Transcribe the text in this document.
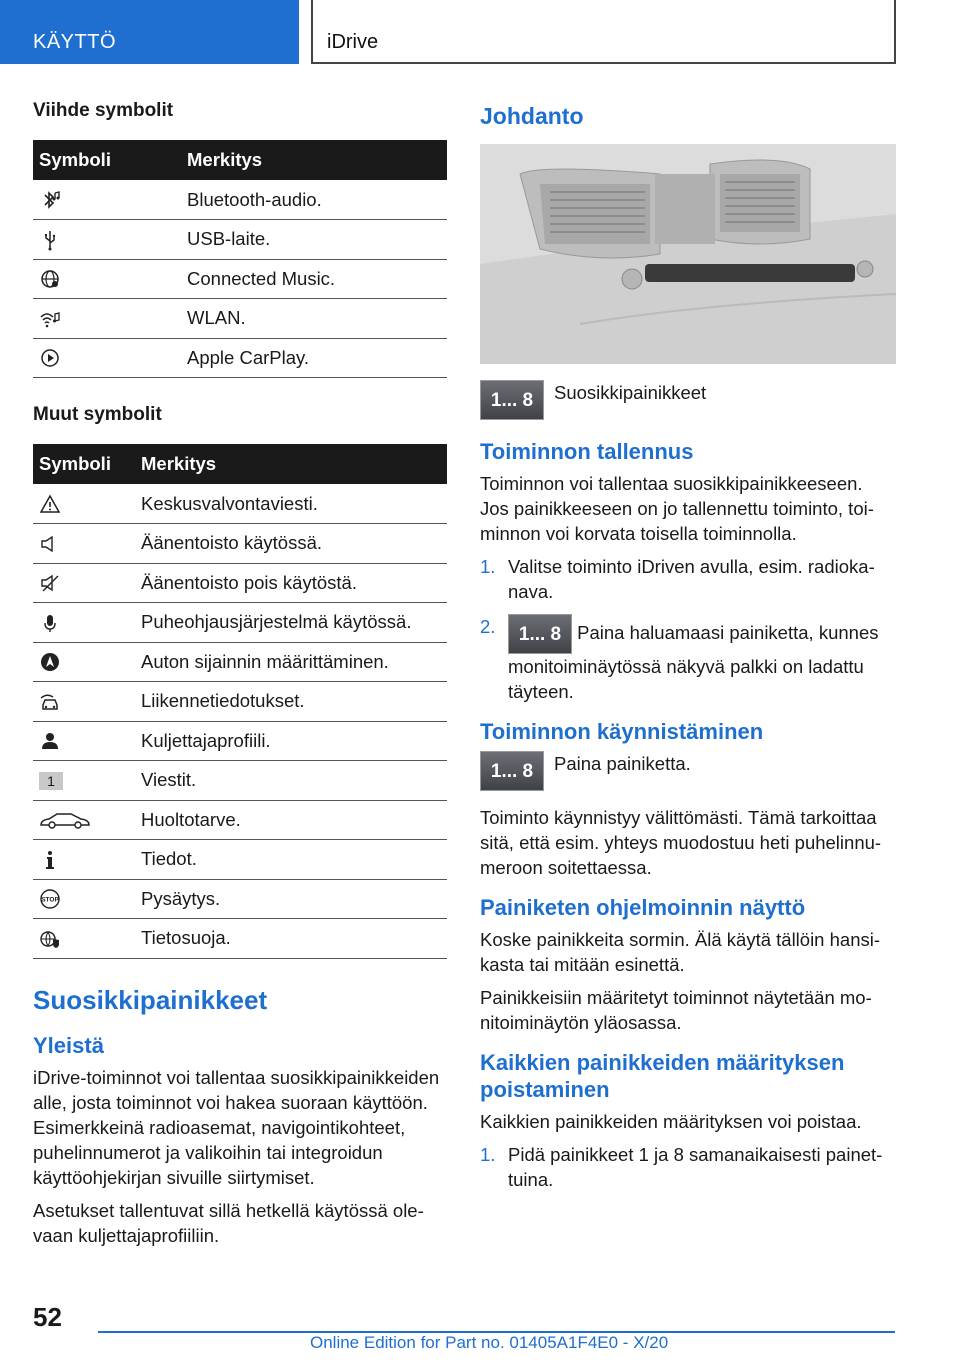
KÄYTTÖ	iDrive
Viihde symbolit
Symboli	Merkitys
	Bluetooth-audio.
	USB-laite.
	Connected Music.
	WLAN.
	Apple CarPlay.
Muut symbolit
Symboli	Merkitys
	Keskusvalvontaviesti.
	Äänentoisto käytössä.
	Äänentoisto pois käytöstä.
	Puheohjausjärjestelmä käytössä.
	Auton sijainnin määrittäminen.
	Liikennetiedotukset.
	Kuljettajaprofiili.
1	Viestit.
	Huoltotarve.
	Tiedot.

STOP	Pysäytys.
	Tietosuoja.
Suosikkipainikkeet
Yleistä

iDrive-toiminnot voi tallentaa suosikkipainikkeiden alle, josta toiminnot voi hakea suoraan käyttöön. Esimerkkeinä radioasemat, navigointikohteet, puhelinnumerot ja valikoihin tai integroidun käyttöohjekirjan sivuille siirtymiset.

Asetukset tallentuvat sillä hetkellä käytössä olevaan kuljettajaprofiiliin.

Johdanto
1... 8	Suosikkipainikkeet
Toiminnon tallennus

Toiminnon voi tallentaa suosikkipainikkeeseen. Jos painikkeeseen on jo tallennettu toiminto, toiminnon voi korvata toisella toiminnolla.

1. Valitse toiminto iDriven avulla, esim. radiokanava.
2.	1... 8 Paina haluamaasi painiketta, kunnes monitoiminäytössä näkyvä palkki on ladattu täyteen.
Toiminnon käynnistäminen
1... 8	Paina painiketta.

Toiminto käynnistyy välittömästi. Tämä tarkoittaa sitä, että esim. yhteys muodostuu heti puhelinnumeroon soitettaessa.

Painiketen ohjelmoinnin näyttö

Koske painikkeita sormin. Älä käytä tällöin hansikasta tai mitään esinettä.

Painikkeisiin määritetyt toiminnot näytetään monitoiminäytön yläosassa.

Kaikkien painikkeiden määrityksen poistaminen

Kaikkien painikkeiden määrityksen voi poistaa.

1. Pidä painikkeet 1 ja 8 samanaikaisesti painettuina.
52
Online Edition for Part no. 01405A1F4E0 - X/20
